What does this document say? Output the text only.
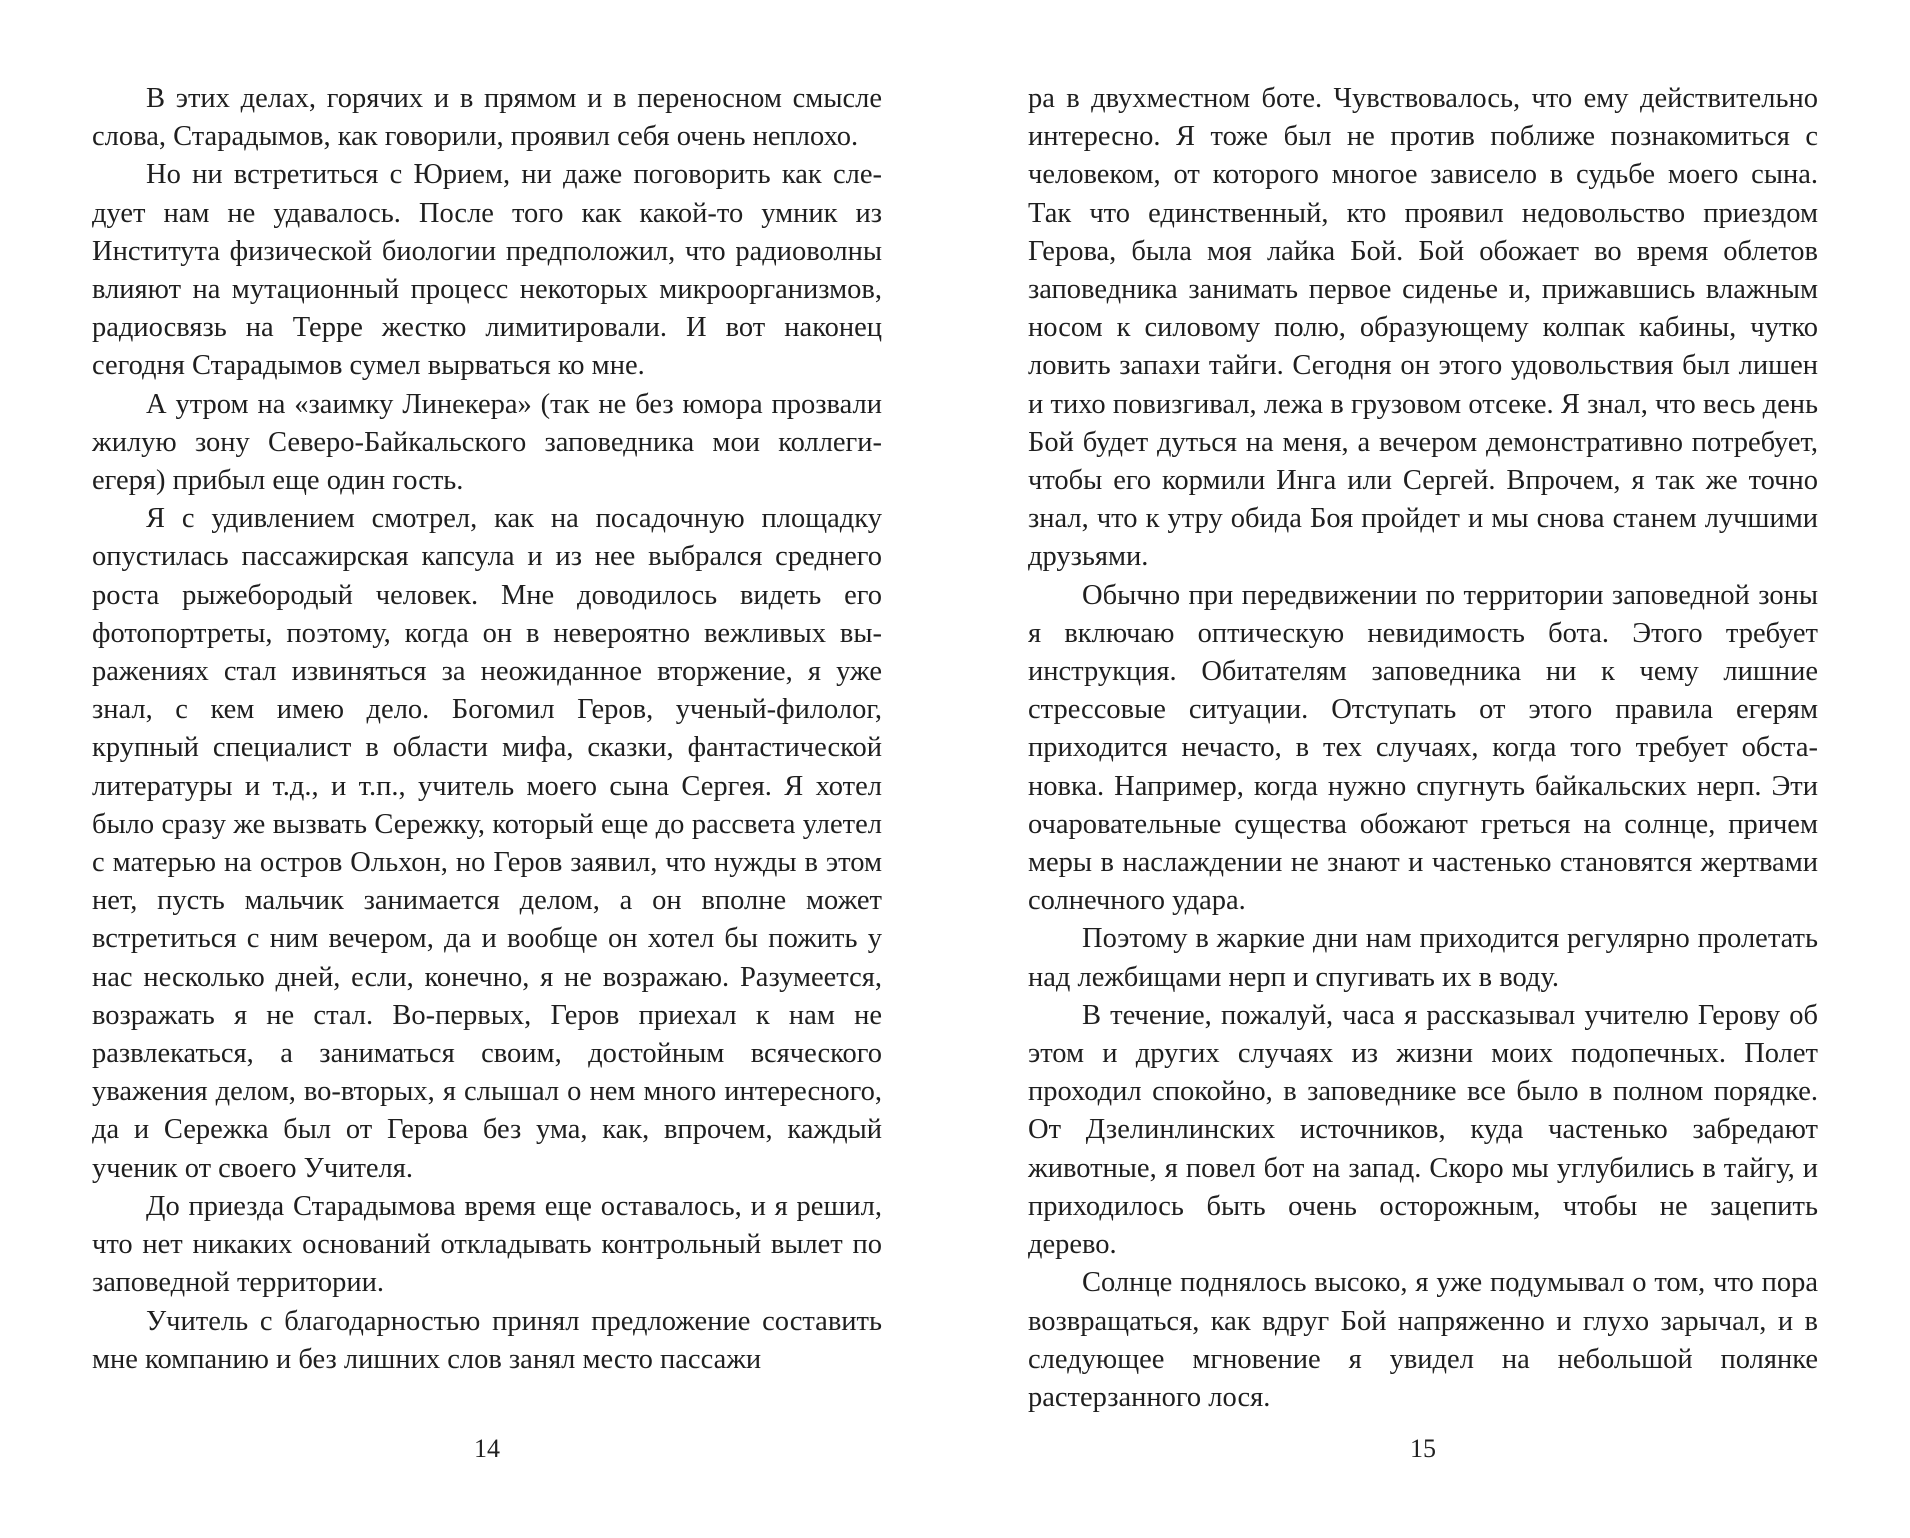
В этих делах, горячих и в прямом и в переносном смысле слова, Старадымов, как говорили, проявил себя очень неплохо.

Но ни встретиться с Юрием, ни даже поговорить как следует нам не удавалось. После того как какой-то умник из Института физической биологии предположил, что радиоволны влияют на мутационный процесс некоторых микроорганизмов, радиосвязь на Терре жестко лимитировали. И вот наконец сегодня Старадымов сумел вырваться ко мне.

А утром на «заимку Линекера» (так не без юмора прозвали жилую зону Северо-Байкальского заповедника мои коллеги-егеря) прибыл еще один гость.

Я с удивлением смотрел, как на посадочную площадку опустилась пассажирская капсула и из нее выбрался среднего роста рыжебородый человек. Мне доводилось видеть его фотопортреты, поэтому, когда он в невероятно вежливых выражениях стал извиняться за неожиданное вторжение, я уже знал, с кем имею дело. Богомил Геров, ученый-филолог, крупный специалист в области мифа, сказки, фантастической литературы и т.д., и т.п., учитель моего сына Сергея. Я хотел было сразу же вызвать Сережку, который еще до рассвета улетел с матерью на остров Ольхон, но Геров заявил, что нужды в этом нет, пусть мальчик занимается делом, а он вполне может встретиться с ним вечером, да и вообще он хотел бы пожить у нас несколько дней, если, конечно, я не возражаю. Разумеется, возражать я не стал. Во-первых, Геров приехал к нам не развлекаться, а заниматься своим, достойным всяческого уважения делом, во-вторых, я слышал о нем много интересного, да и Сережка был от Герова без ума, как, впрочем, каждый ученик от своего Учителя.

До приезда Старадымова время еще оставалось, и я решил, что нет никаких оснований откладывать контрольный вылет по заповедной территории.

Учитель с благодарностью принял предложение составить мне компанию и без лишних слов занял место пассажи

14

ра в двухместном боте. Чувствовалось, что ему действительно интересно. Я тоже был не против поближе познакомиться с человеком, от которого многое зависело в судьбе моего сына. Так что единственный, кто проявил недовольство приездом Герова, была моя лайка Бой. Бой обожает во время облетов заповедника занимать первое сиденье и, прижавшись влажным носом к силовому полю, образующему колпак кабины, чутко ловить запахи тайги. Сегодня он этого удовольствия был лишен и тихо повизгивал, лежа в грузовом отсеке. Я знал, что весь день Бой будет дуться на меня, а вечером демонстративно потребует, чтобы его кормили Инга или Сергей. Впрочем, я так же точно знал, что к утру обида Боя пройдет и мы снова станем лучшими друзьями.

Обычно при передвижении по территории заповедной зоны я включаю оптическую невидимость бота. Этого требует инструкция. Обитателям заповедника ни к чему лишние стрессовые ситуации. Отступать от этого правила егерям приходится нечасто, в тех случаях, когда того требует обстановка. Например, когда нужно спугнуть байкальских нерп. Эти очаровательные существа обожают греться на солнце, причем меры в наслаждении не знают и частенько становятся жертвами солнечного удара.

Поэтому в жаркие дни нам приходится регулярно пролетать над лежбищами нерп и спугивать их в воду.

В течение, пожалуй, часа я рассказывал учителю Герову об этом и других случаях из жизни моих подопечных. Полет проходил спокойно, в заповеднике все было в полном порядке. От Дзелинлинских источников, куда частенько забредают животные, я повел бот на запад. Скоро мы углубились в тайгу, и приходилось быть очень осторожным, чтобы не зацепить дерево.

Солнце поднялось высоко, я уже подумывал о том, что пора возвращаться, как вдруг Бой напряженно и глухо зарычал, и в следующее мгновение я увидел на небольшой полянке растерзанного лося.

15
